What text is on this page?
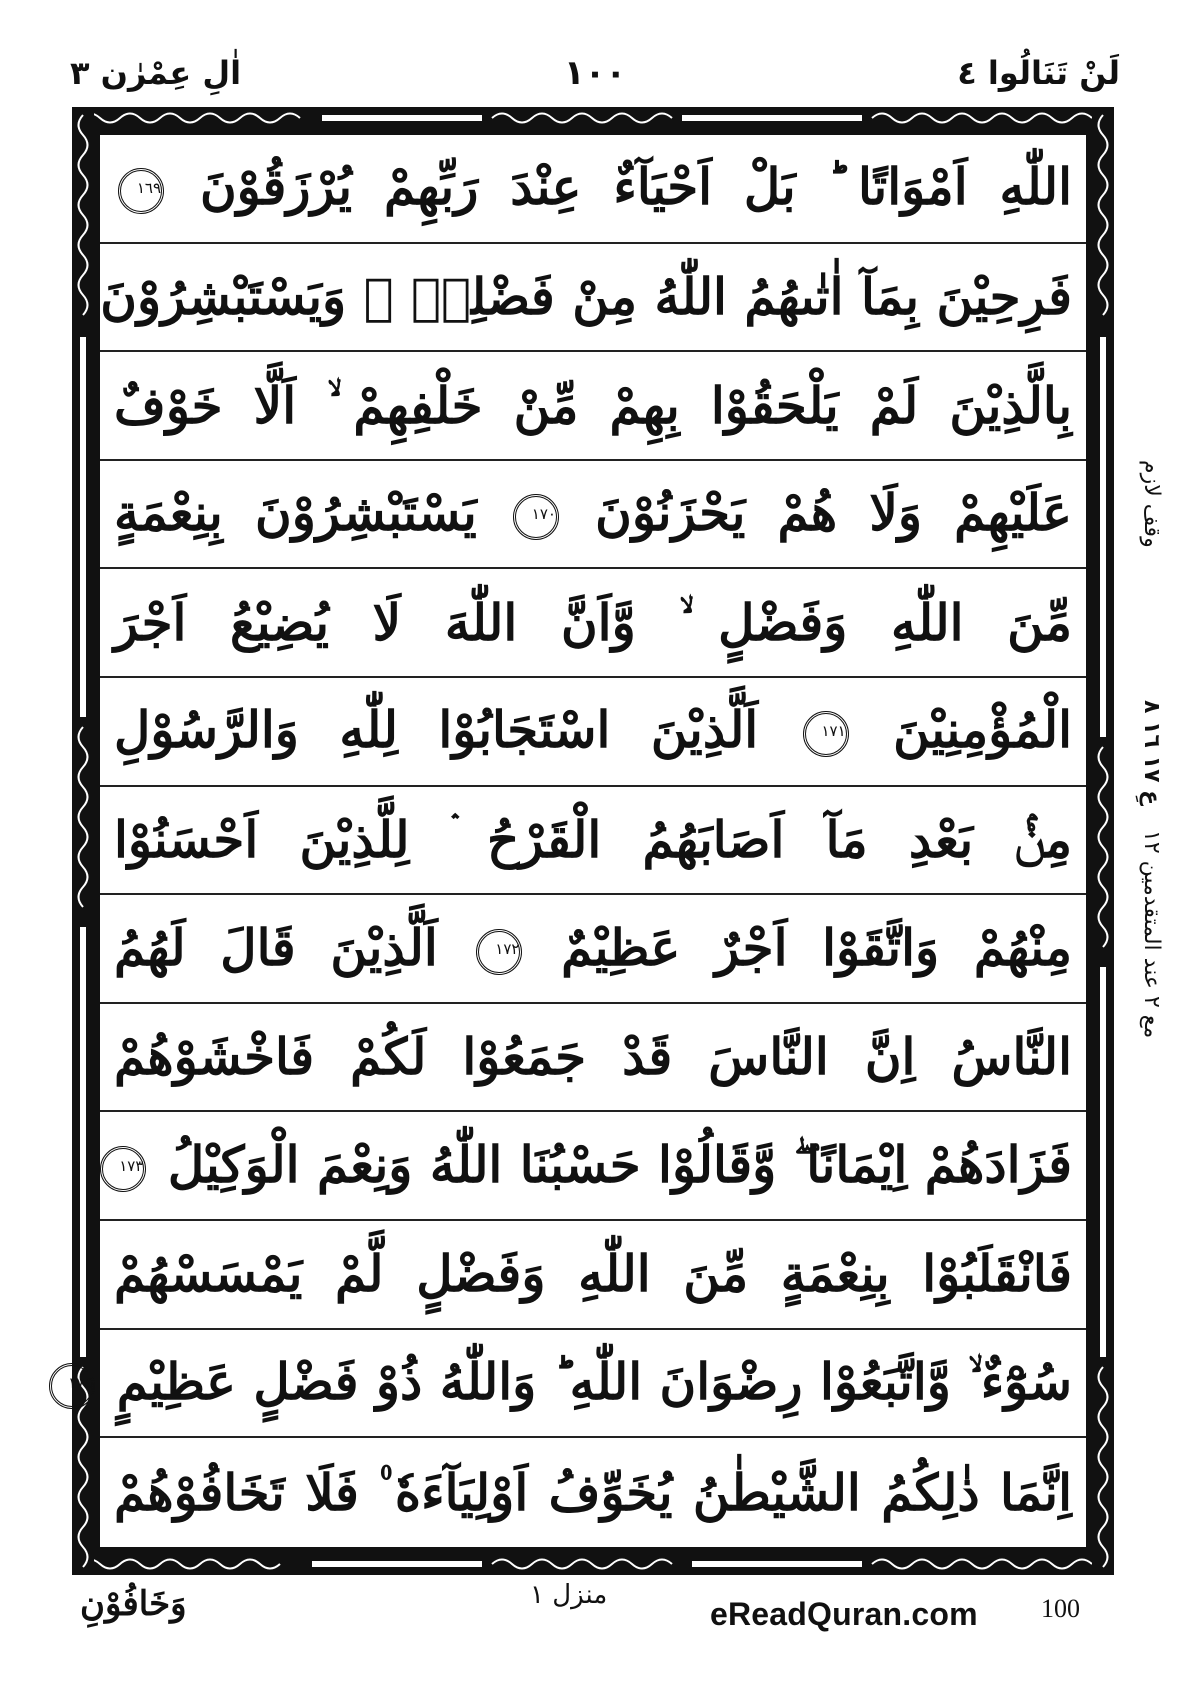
لَنْ تَنَالُوا ٤
١٠٠
اٰلِ عِمْرٰن ٣
اللّٰهِ اَمْوَاتًا ؕ بَلْ اَحْيَآءٌ عِنْدَ رَبِّهِمْ يُرْزَقُوْنَ ١٦٩
فَرِحِيْنَ بِمَآ اٰتٰىهُمُ اللّٰهُ مِنْ فَضْلِهٖ ۙ وَيَسْتَبْشِرُوْنَ
بِالَّذِيْنَ لَمْ يَلْحَقُوْا بِهِمْ مِّنْ خَلْفِهِمْ ۙ اَلَّا خَوْفٌ
عَلَيْهِمْ وَلَا هُمْ يَحْزَنُوْنَ ١٧٠ يَسْتَبْشِرُوْنَ بِنِعْمَةٍ
مِّنَ اللّٰهِ وَفَضْلٍ ۙ وَّاَنَّ اللّٰهَ لَا يُضِيْعُ اَجْرَ
الْمُؤْمِنِيْنَ ١٧١ اَلَّذِيْنَ اسْتَجَابُوْا لِلّٰهِ وَالرَّسُوْلِ
مِنْۢ بَعْدِ مَآ اَصَابَهُمُ الْقَرْحُ ۛ لِلَّذِيْنَ اَحْسَنُوْا
مِنْهُمْ وَاتَّقَوْا اَجْرٌ عَظِيْمٌ ١٧٢ اَلَّذِيْنَ قَالَ لَهُمُ
النَّاسُ اِنَّ النَّاسَ قَدْ جَمَعُوْا لَكُمْ فَاخْشَوْهُمْ
فَزَادَهُمْ اِيْمَانًا ۖ وَّقَالُوْا حَسْبُنَا اللّٰهُ وَنِعْمَ الْوَكِيْلُ ١٧٣
فَانْقَلَبُوْا بِنِعْمَةٍ مِّنَ اللّٰهِ وَفَضْلٍ لَّمْ يَمْسَسْهُمْ
سُوْٓءٌ ۙ وَّاتَّبَعُوْا رِضْوَانَ اللّٰهِ ؕ وَاللّٰهُ ذُوْ فَضْلٍ عَظِيْمٍ ١٧٤
اِنَّمَا ذٰلِكُمُ الشَّيْطٰنُ يُخَوِّفُ اَوْلِيَآءَهٗ ۠ فَلَا تَخَافُوْهُمْ
وقف لازم
عِ ١٧ ١٦ ٨
مع ٢ عند المتقدمين ١٢
وَخَافُوْنِ	منزل ١
eReadQuran.com 100
